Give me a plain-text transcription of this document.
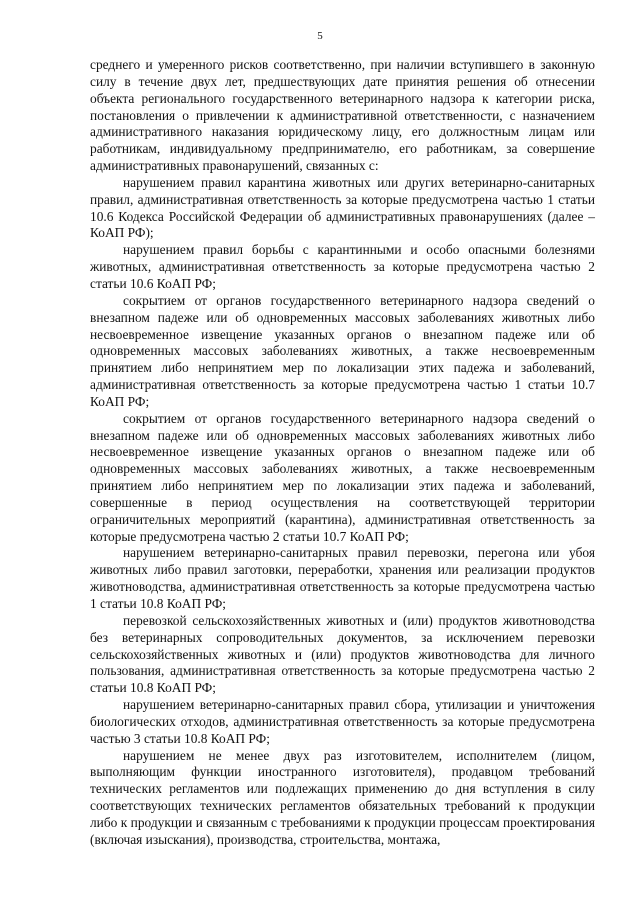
5

среднего и умеренного рисков соответственно, при наличии вступившего в законную силу в течение двух лет, предшествующих дате принятия решения об отнесении объекта регионального государственного ветеринарного надзора к категории риска, постановления о привлечении к административной ответственности, с назначением административного наказания юридическому лицу, его должностным лицам или работникам, индивидуальному предпринимателю, его работникам, за совершение административных правонарушений, связанных с:

нарушением правил карантина животных или других ветеринарно-санитарных правил, административная ответственность за которые предусмотрена частью 1 статьи 10.6 Кодекса Российской Федерации об административных правонарушениях (далее – КоАП РФ);

нарушением правил борьбы с карантинными и особо опасными болезнями животных, административная ответственность за которые предусмотрена частью 2 статьи 10.6 КоАП РФ;

сокрытием от органов государственного ветеринарного надзора сведений о внезапном падеже или об одновременных массовых заболеваниях животных либо несвоевременное извещение указанных органов о внезапном падеже или об одновременных массовых заболеваниях животных, а также несвоевременным принятием либо непринятием мер по локализации этих падежа и заболеваний, административная ответственность за которые предусмотрена частью 1 статьи 10.7 КоАП РФ;

сокрытием от органов государственного ветеринарного надзора сведений о внезапном падеже или об одновременных массовых заболеваниях животных либо несвоевременное извещение указанных органов о внезапном падеже или об одновременных массовых заболеваниях животных, а также несвоевременным принятием либо непринятием мер по локализации этих падежа и заболеваний, совершенные в период осуществления на соответствующей территории ограничительных мероприятий (карантина), административная ответственность за которые предусмотрена частью 2 статьи 10.7 КоАП РФ;

нарушением ветеринарно-санитарных правил перевозки, перегона или убоя животных либо правил заготовки, переработки, хранения или реализации продуктов животноводства, административная ответственность за которые предусмотрена частью 1 статьи 10.8 КоАП РФ;

перевозкой сельскохозяйственных животных и (или) продуктов животноводства без ветеринарных сопроводительных документов, за исключением перевозки сельскохозяйственных животных и (или) продуктов животноводства для личного пользования, административная ответственность за которые предусмотрена частью 2 статьи 10.8 КоАП РФ;

нарушением ветеринарно-санитарных правил сбора, утилизации и уничтожения биологических отходов, административная ответственность за которые предусмотрена частью 3 статьи 10.8 КоАП РФ;

нарушением не менее двух раз изготовителем, исполнителем (лицом, выполняющим функции иностранного изготовителя), продавцом требований технических регламентов или подлежащих применению до дня вступления в силу соответствующих технических регламентов обязательных требований к продукции либо к продукции и связанным с требованиями к продукции процессам проектирования (включая изыскания), производства, строительства, монтажа,
